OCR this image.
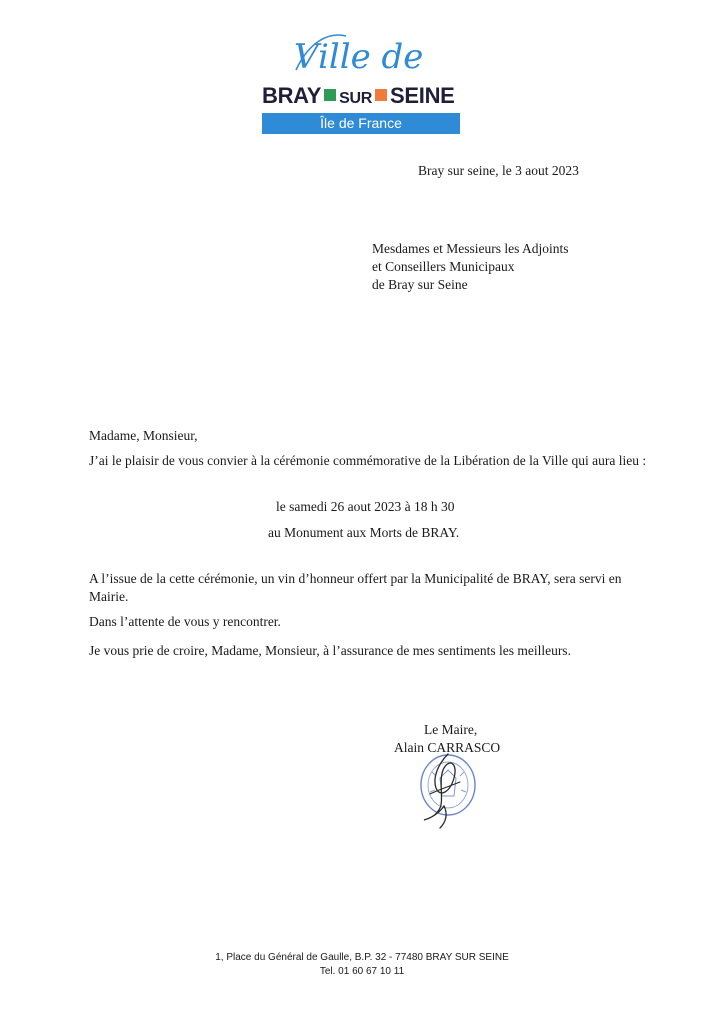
Ville de
BRAY SUR SEINE
Île de France
Bray sur seine, le 3 aout 2023
Mesdames et Messieurs les Adjoints
et Conseillers Municipaux
de Bray sur Seine
Madame, Monsieur,
J’ai le plaisir de vous convier à la cérémonie commémorative de la Libération de la Ville qui aura lieu :
le samedi 26 aout 2023 à 18 h 30
au Monument aux Morts de BRAY.
A l’issue de la cette cérémonie, un vin d’honneur offert par la Municipalité de BRAY, sera servi en Mairie.
Dans l’attente de vous y rencontrer.
Je vous prie de croire, Madame, Monsieur, à l’assurance de mes sentiments les meilleurs.
Le Maire,
Alain CARRASCO
1, Place du Général de Gaulle, B.P. 32 - 77480 BRAY SUR SEINE
Tel. 01 60 67 10 11
